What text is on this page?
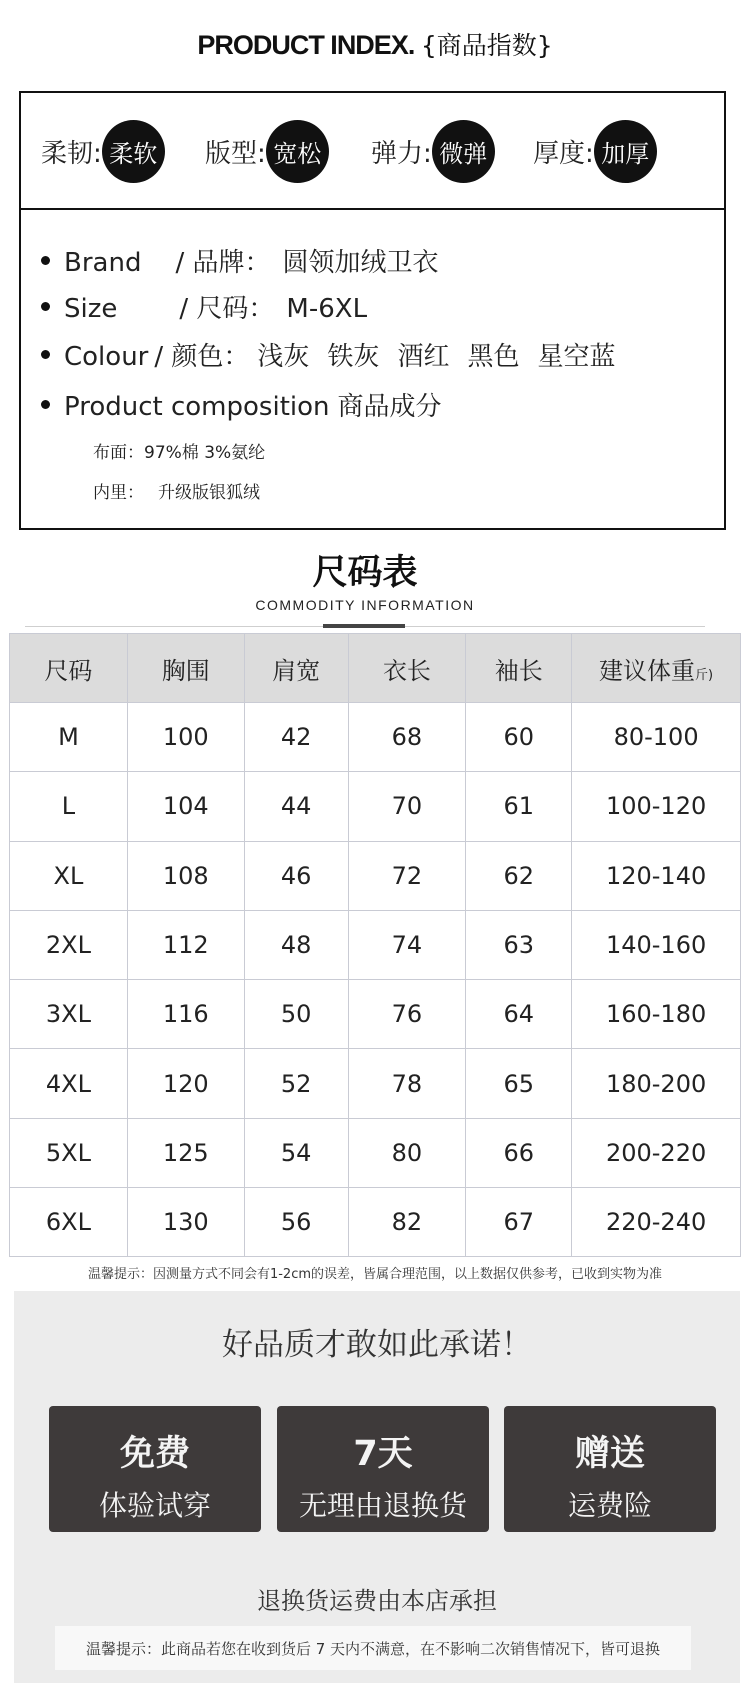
PRODUCT INDEX. {商品指数}
柔韧: 柔软 版型: 宽松 弹力: 微弹 厚度: 加厚
Brand / 品牌： 圆领加绒卫衣
Size / 尺码： M-6XL
Colour / 颜色： 浅灰 铁灰 酒红 黑色 星空蓝
Product composition 商品成分
布面：97%棉 3%氨纶
内里： 升级版银狐绒
尺码表
COMMODITY INFORMATION
尺码	胸围	肩宽	衣长	袖长	建议体重斤)
M	100	42	68	60	80-100
L	104	44	70	61	100-120
XL	108	46	72	62	120-140
2XL	112	48	74	63	140-160
3XL	116	50	76	64	160-180
4XL	120	52	78	65	180-200
5XL	125	54	80	66	200-220
6XL	130	56	82	67	220-240
温馨提示：因测量方式不同会有1-2cm的误差，皆属合理范围，以上数据仅供参考，已收到实物为准
好品质才敢如此承诺！
免费
体验试穿
7天
无理由退换货
赠送
运费险
退换货运费由本店承担
温馨提示：此商品若您在收到货后 7 天内不满意，在不影响二次销售情况下，皆可退换
